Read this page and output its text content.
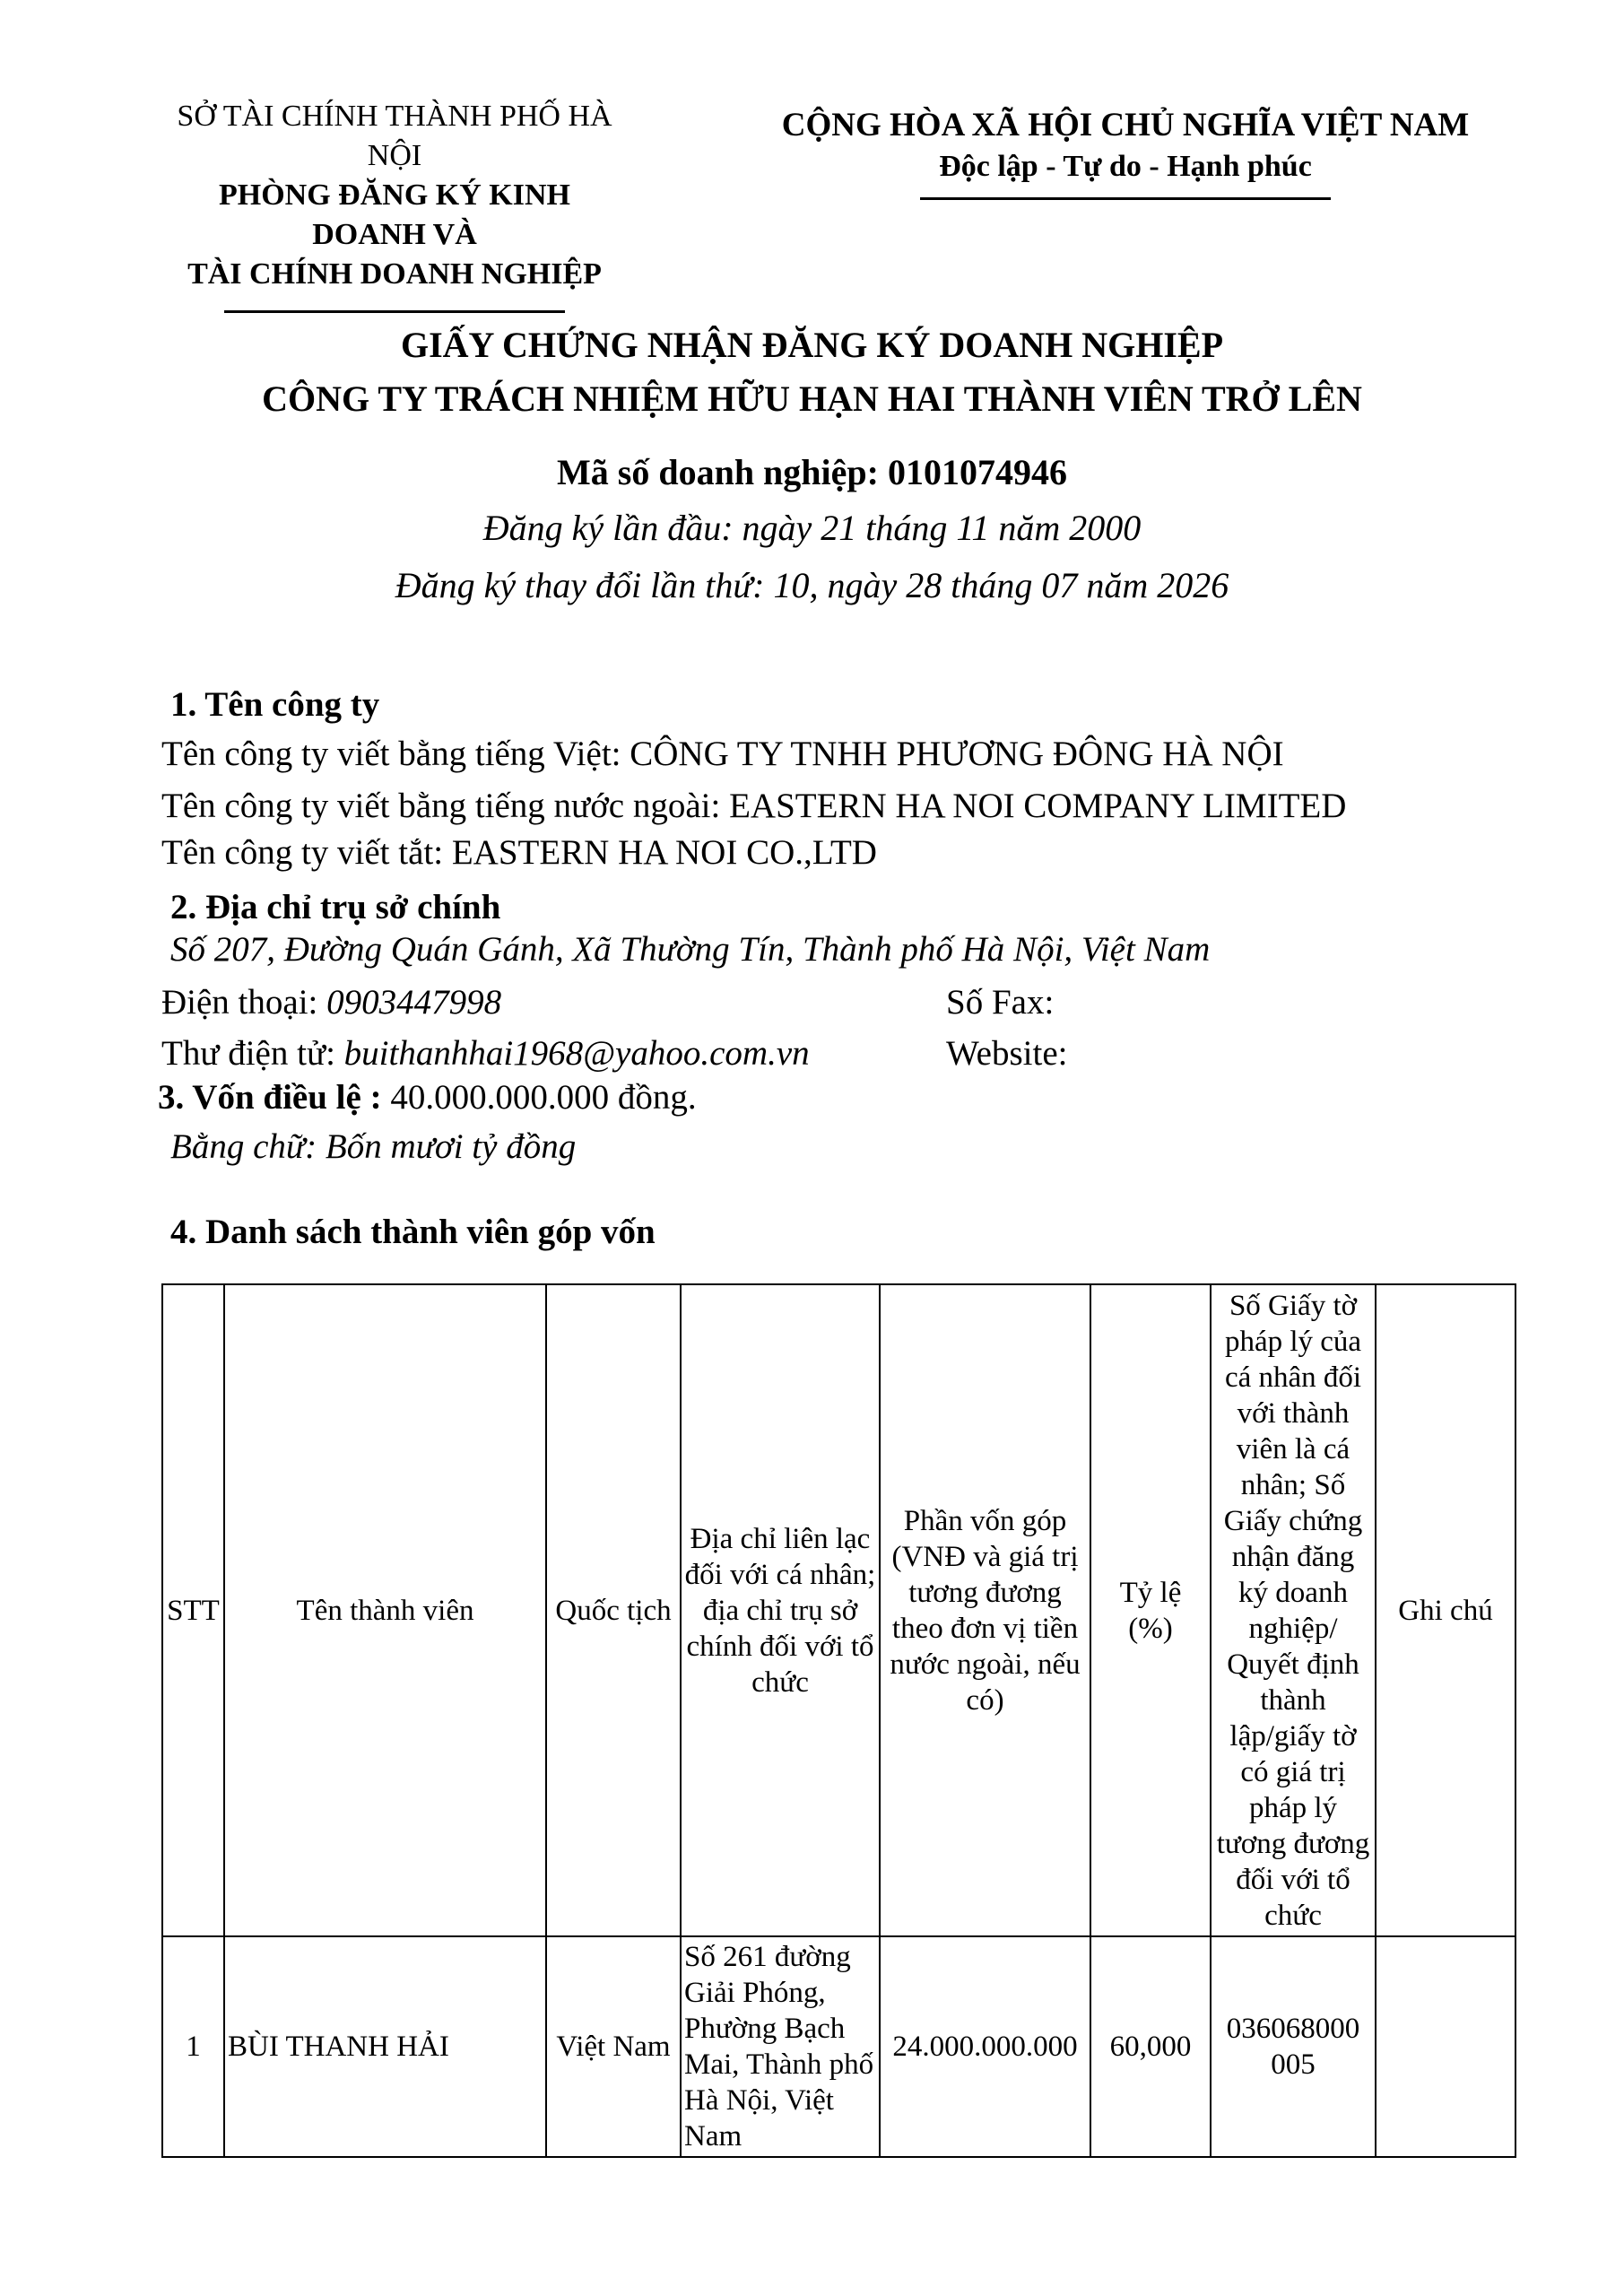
SỞ TÀI CHÍNH THÀNH PHỐ HÀ NỘI
PHÒNG ĐĂNG KÝ KINH DOANH VÀ
TÀI CHÍNH DOANH NGHIỆP
CỘNG HÒA XÃ HỘI CHỦ NGHĨA VIỆT NAM
Độc lập - Tự do - Hạnh phúc
GIẤY CHỨNG NHẬN ĐĂNG KÝ DOANH NGHIỆP
CÔNG TY TRÁCH NHIỆM HỮU HẠN HAI THÀNH VIÊN TRỞ LÊN
Mã số doanh nghiệp: 0101074946
Đăng ký lần đầu: ngày 21 tháng 11 năm 2000
Đăng ký thay đổi lần thứ: 10, ngày 28 tháng 07 năm 2026
1. Tên công ty
Tên công ty viết bằng tiếng Việt: CÔNG TY TNHH PHƯƠNG ĐÔNG HÀ NỘI
Tên công ty viết bằng tiếng nước ngoài: EASTERN HA NOI COMPANY LIMITED
Tên công ty viết tắt: EASTERN HA NOI CO.,LTD
2. Địa chỉ trụ sở chính
Số 207, Đường Quán Gánh, Xã Thường Tín, Thành phố Hà Nội, Việt Nam
Điện thoại: 0903447998	Số Fax:
Thư điện tử: buithanhhai1968@yahoo.com.vn	Website:
3. Vốn điều lệ : 40.000.000.000 đồng.
Bằng chữ: Bốn mươi tỷ đồng
4. Danh sách thành viên góp vốn
STT	Tên thành viên	Quốc tịch	Địa chỉ liên lạc đối với cá nhân; địa chỉ trụ sở chính đối với tổ chức	Phần vốn góp (VNĐ và giá trị tương đương theo đơn vị tiền nước ngoài, nếu có)	Tỷ lệ (%)	Số Giấy tờ pháp lý của cá nhân đối với thành viên là cá nhân; Số Giấy chứng nhận đăng ký doanh nghiệp/ Quyết định thành lập/giấy tờ có giá trị pháp lý tương đương đối với tổ chức	Ghi chú
1	BÙI THANH HẢI	Việt Nam	Số 261 đường Giải Phóng, Phường Bạch Mai, Thành phố Hà Nội, Việt Nam	24.000.000.000	60,000	036068000 005	
